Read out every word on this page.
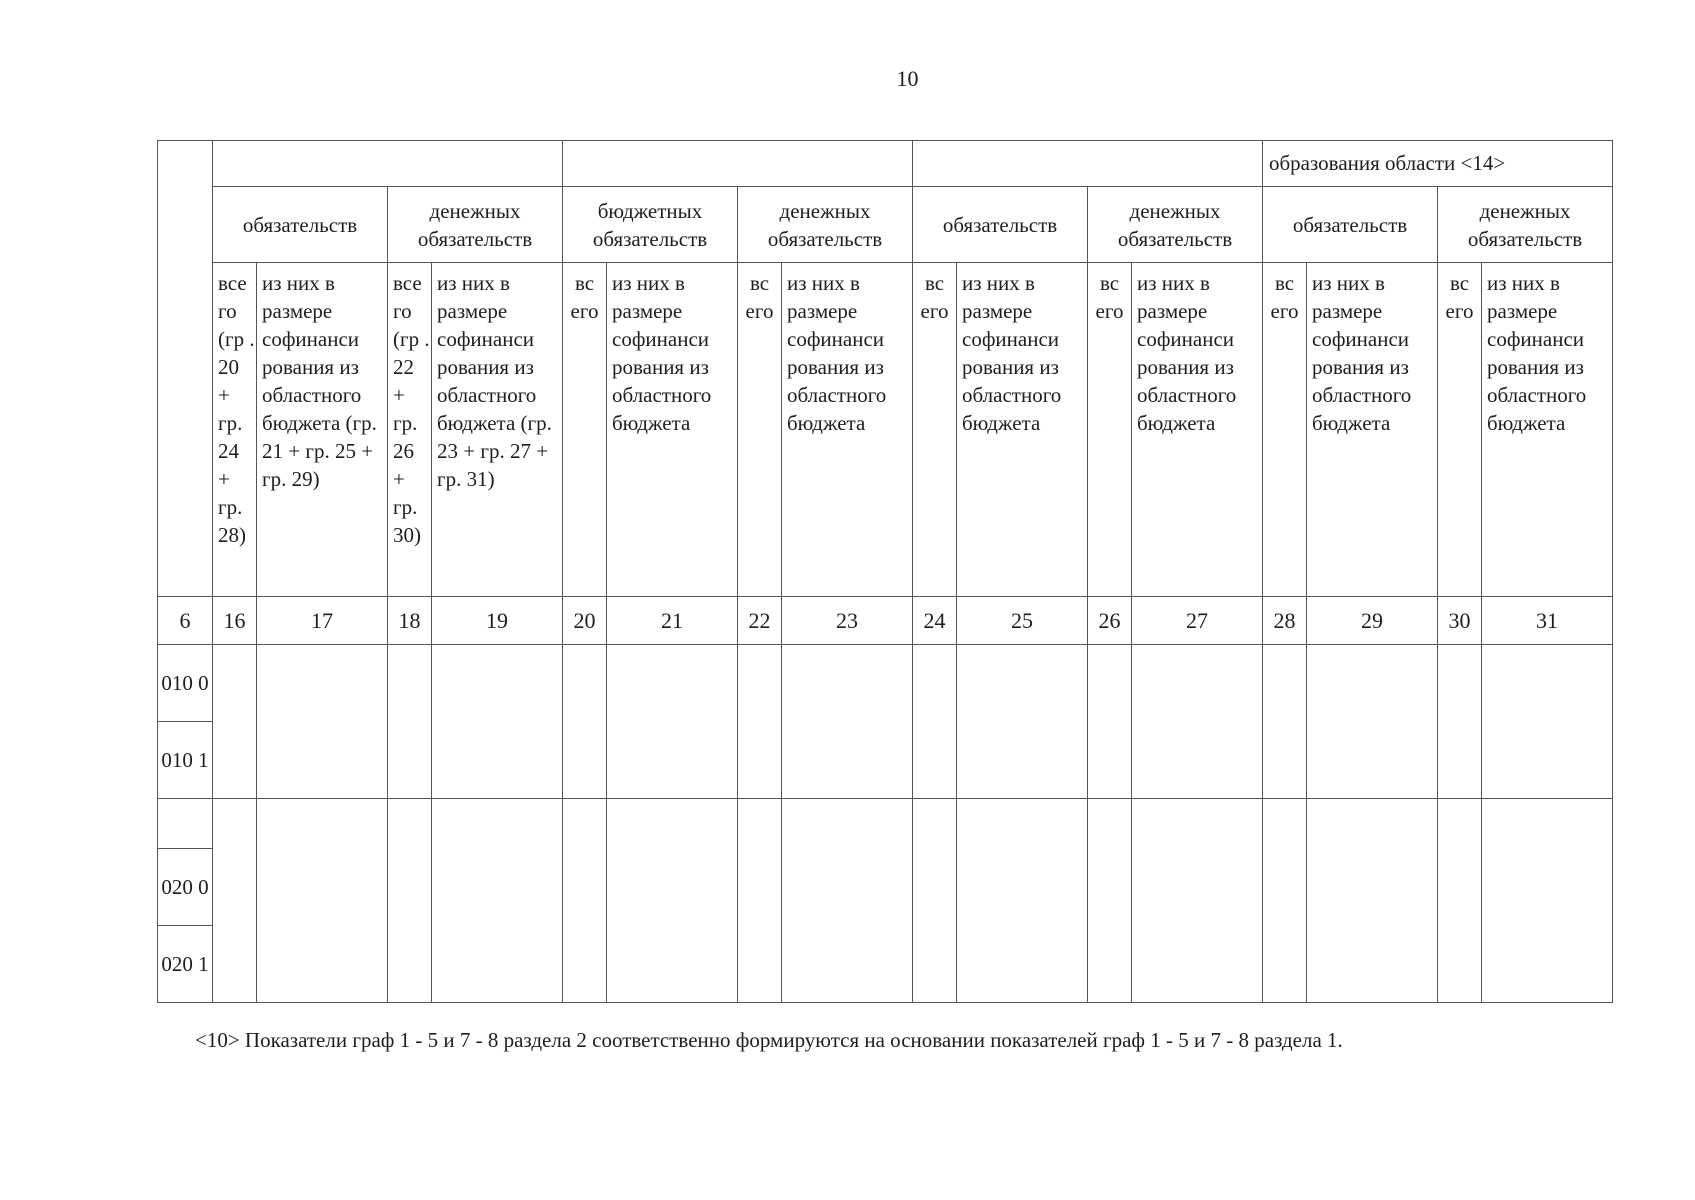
10
													образования области <14>			
	обязательств		денежных обязательств		бюджетных обязательств		денежных обязательств		обязательств		денежных обязательств		обязательств		денежных обязательств	
	все го (гр . 20 + гр. 24 + гр. 28)	из них в размере софинанси рования из областного бюджета (гр. 21 + гр. 25 + гр. 29)	все го (гр . 22 + гр. 26 + гр. 30)	из них в размере софинанси рования из областного бюджета (гр. 23 + гр. 27 + гр. 31)	вс его	из них в размере софинанси рования из областного бюджета	вс его	из них в размере софинанси рования из областного бюджета	вс его	из них в размере софинанси рования из областного бюджета	вс его	из них в размере софинанси рования из областного бюджета	вс его	из них в размере софинанси рования из областного бюджета	вс его	из них в размере софинанси рования из областного бюджета
6	16	17	18	19	20	21	22	23	24	25	26	27	28	29	30	31
010 0																
010 1																

020 0																
020 1																
<10> Показатели граф 1 - 5 и 7 - 8 раздела 2 соответственно формируются на основании показателей граф 1 - 5 и 7 - 8 раздела 1.
